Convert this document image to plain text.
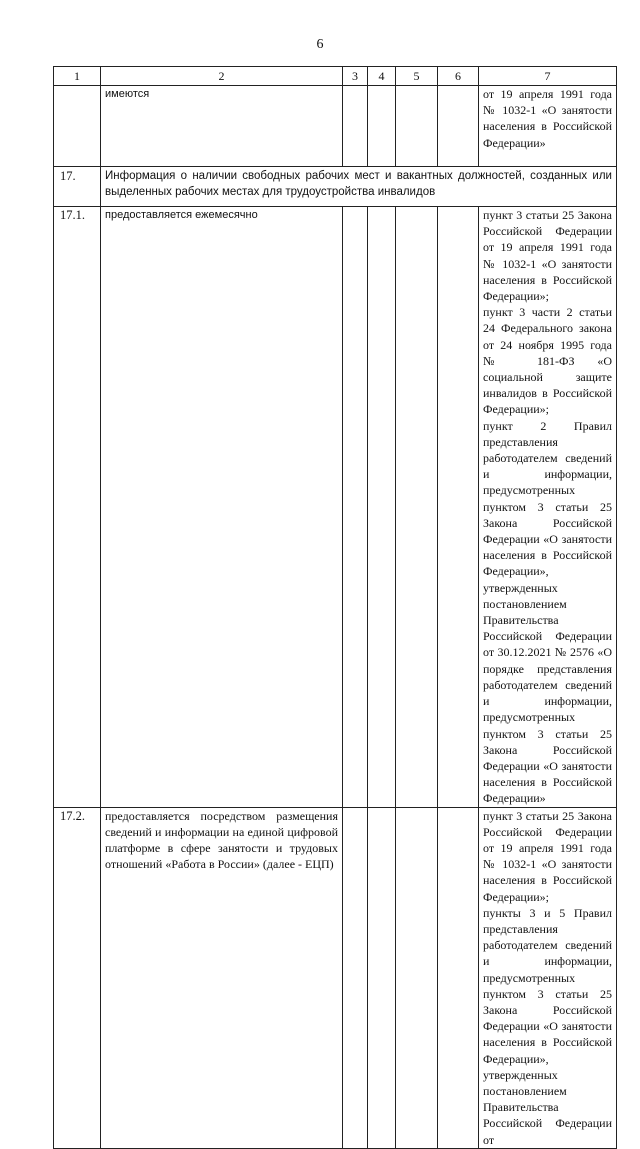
6
1	2	3	4	5	6	7
	имеются					от 19 апреля 1991 года № 1032-1 «О занятости населения в Российской Федерации»
17.	Информация о наличии свободных рабочих мест и вакантных должностей, созданных или выделенных рабочих местах для трудоустройства инвалидов					
17.1.	предоставляется ежемесячно					пункт 3 статьи 25 Закона Российской Федерации от 19 апреля 1991 года № 1032-1 «О занятости населения в Российской Федерации»;
пункт 3 части 2 статьи 24 Федерального закона от 24 ноября 1995 года № 181-ФЗ «О социальной защите инвалидов в Российской Федерации»;
пункт 2 Правил представления работодателем сведений и информации, предусмотренных пунктом 3 статьи 25 Закона Российской Федерации «О занятости населения в Российской Федерации», утвержденных постановлением Правительства Российской Федерации от 30.12.2021 № 2576 «О порядке представления работодателем сведений и информации, предусмотренных пунктом 3 статьи 25 Закона Российской Федерации «О занятости населения в Российской Федерации»

17.2.	предоставляется посредством размещения сведений и информации на единой цифровой платформе в сфере занятости и трудовых отношений «Работа в России» (далее - ЕЦП)					пункт 3 статьи 25 Закона Российской Федерации от 19 апреля 1991 года № 1032-1 «О занятости населения в Российской Федерации»;
пункты 3 и 5 Правил представления работодателем сведений и информации, предусмотренных пунктом 3 статьи 25 Закона Российской Федерации «О занятости населения в Российской Федерации», утвержденных постановлением Правительства Российской Федерации от
